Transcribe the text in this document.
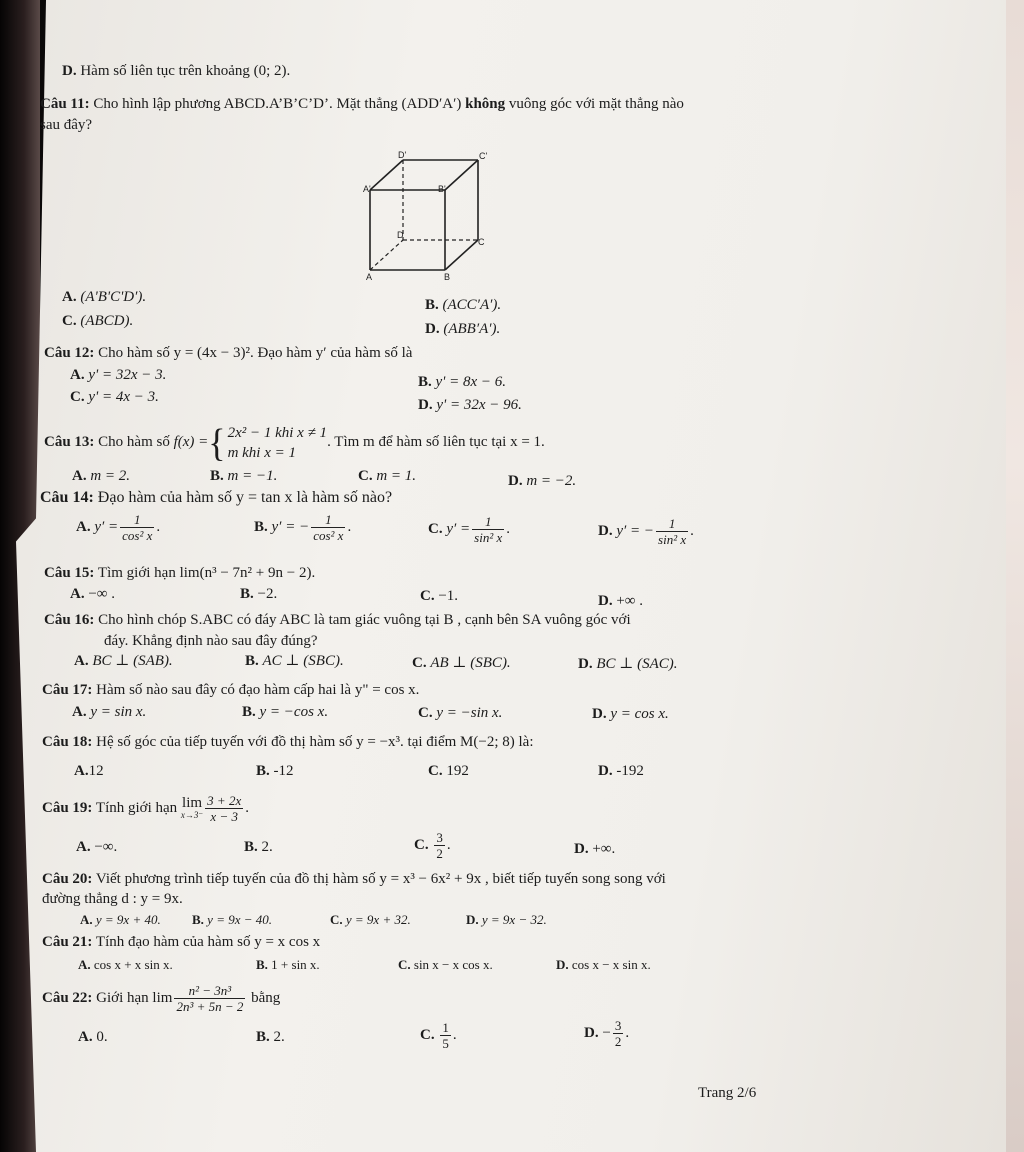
D. Hàm số liên tục trên khoảng (0; 2).
Câu 11: Cho hình lập phương ABCD.A’B’C’D’. Mặt thẳng (ADD′A′) không vuông góc với mặt thẳng nào
sau đây?
D'	C'
A'	B'
D
C
A	B
A. (A'B'C'D′).	B. (ACC′A′).
C. (ABCD).	D. (ABB′A′).
Câu 12: Cho hàm số y = (4x − 3)². Đạo hàm y′ của hàm số là
A. y' = 32x − 3.	B. y' = 8x − 6.
C. y' = 4x − 3.	D. y' = 32x − 96.
Câu 13: Cho hàm số f(x) ={ 2x² − 1 khi x ≠ 1
m khi x = 1
. Tìm m để hàm số liên tục tại x = 1.
A. m = 2.	B. m = −1.	C. m = 1.	D. m = −2.
Câu 14: Đạo hàm của hàm số y = tan x là hàm số nào?
A. $y' = \frac{1}{\text{cos² x}}$ .	B. y′ = − $\frac{1}{\text{cos² x}}$ .	C. $y' = \frac{1}{\text{sin² x}}$ .	D. y′ = − $\frac{1}{\text{sin² x}}$ .
Câu 15: Tìm giới hạn lim(n³ − 7n² + 9n − 2).
A. −∞ .	B. −2.	C. −1.	D. +∞ .
Câu 16: Cho hình chóp S.ABC có đáy ABC là tam giác vuông tại B , cạnh bên SA vuông góc với
đáy. Khẳng định nào sau đây đúng?
A. BC ⊥ (SAB).	B. AC ⊥ (SBC).	C. AB ⊥ (SBC).	D. BC ⊥ (SAC).
Câu 17: Hàm số nào sau đây có đạo hàm cấp hai là y" = cos x.
A. y = sin x.	B. y = −cos x.	C. y = −sin x.	D. y = cos x.
Câu 18: Hệ số góc của tiếp tuyến với đồ thị hàm số y = −x³. tại điểm M(−2; 8) là:
A.12	B. -12	C. 192	D. -192
Câu 19: Tính giới hạn lim
$x\to 3^- \frac{3 + 2x}{x - 3}$ .
A. −∞.	B. 2.	C. $\frac{3}{2}$ .	D. +∞.
Câu 20: Viết phương trình tiếp tuyến của đồ thị hàm số y = x³ − 6x² + 9x , biết tiếp tuyến song song với
đường thẳng d : y = 9x.
A. y = 9x + 40. B. y = 9x − 40.	C. y = 9x + 32.	D. y = 9x − 32.
Câu 21: Tính đạo hàm của hàm số y = x cos x
A. cos x + x sin x.	B. 1 + sin x.	C. sin x − x cos x.	D. cos x − x sin x.
Câu 22: Giới hạn $\lim \frac{\text{n² − 3n³}}{\text{2n³ + 5n − 2}}$ bằng
A. 0.	B. 2.	C. $\frac{1}{5}$ .	D. − $\frac{3}{2}$ .
Trang 2/6
